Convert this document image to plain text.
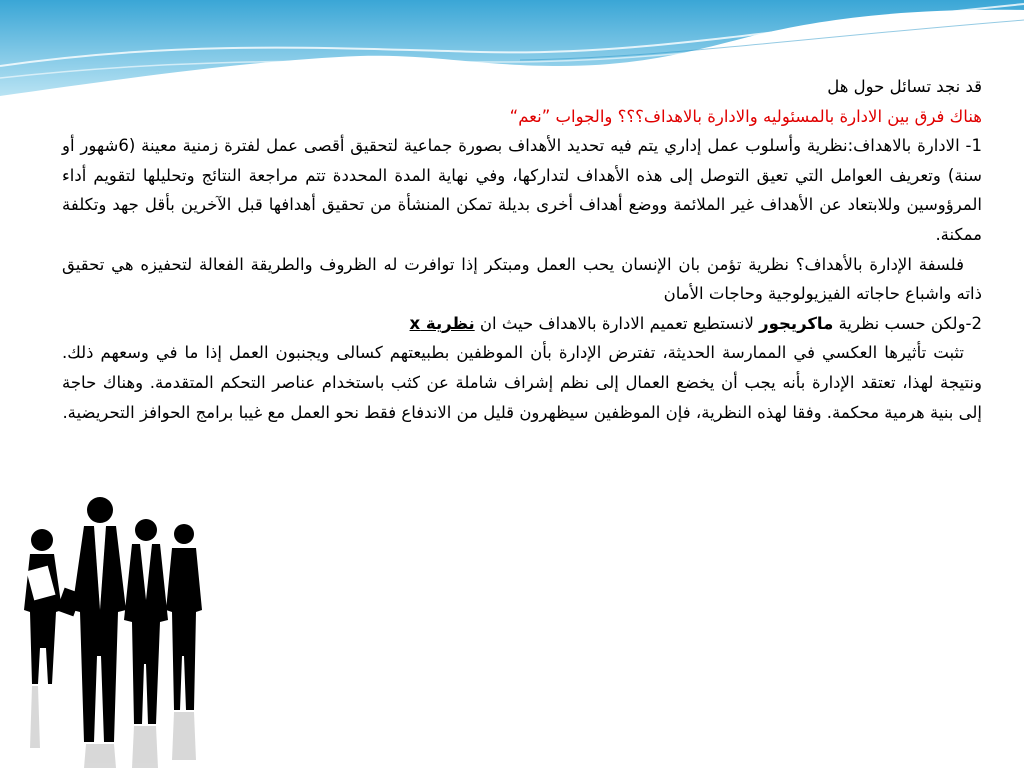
قد نجد تسائل حول هل

هناك فرق بين الادارة بالمسئوليه والادارة بالاهداف؟؟؟ والجواب ”نعم“

1- الادارة بالاهداف:نظرية وأسلوب عمل إداري يتم فيه تحديد الأهداف بصورة جماعية لتحقيق أقصى عمل لفترة زمنية معينة (6شهور أو سنة) وتعريف العوامل التي تعيق التوصل إلى هذه الأهداف لتداركها، وفي نهاية المدة المحددة تتم مراجعة النتائج وتحليلها لتقويم أداء المرؤوسين وللابتعاد عن الأهداف غير الملائمة ووضع أهداف أخرى بديلة تمكن المنشأة من تحقيق أهدافها قبل الآخرين بأقل جهد وتكلفة ممكنة.

فلسفة الإدارة بالأهداف؟ نظرية تؤمن بان الإنسان يحب العمل ومبتكر إذا توافرت له الظروف والطريقة الفعالة لتحفيزه هي تحقيق ذاته واشباع حاجاته الفيزيولوجية وحاجات الأمان

2-ولكن حسب نظرية ماكريجور لانستطيع تعميم الادارة بالاهداف حيث ان نظرية x

تثبت تأثيرها العكسي في الممارسة الحديثة، تفترض الإدارة بأن الموظفين بطبيعتهم كسالى ويجنبون العمل إذا ما في وسعهم ذلك. ونتيجة لهذا، تعتقد الإدارة بأنه يجب أن يخضع العمال إلى نظم إشراف شاملة عن كثب باستخدام عناصر التحكم المتقدمة. وهناك حاجة إلى بنية هرمية محكمة. وفقا لهذه النظرية، فإن الموظفين سيظهرون قليل من الاندفاع فقط نحو العمل مع غيبا برامج الحوافز التحريضية.
